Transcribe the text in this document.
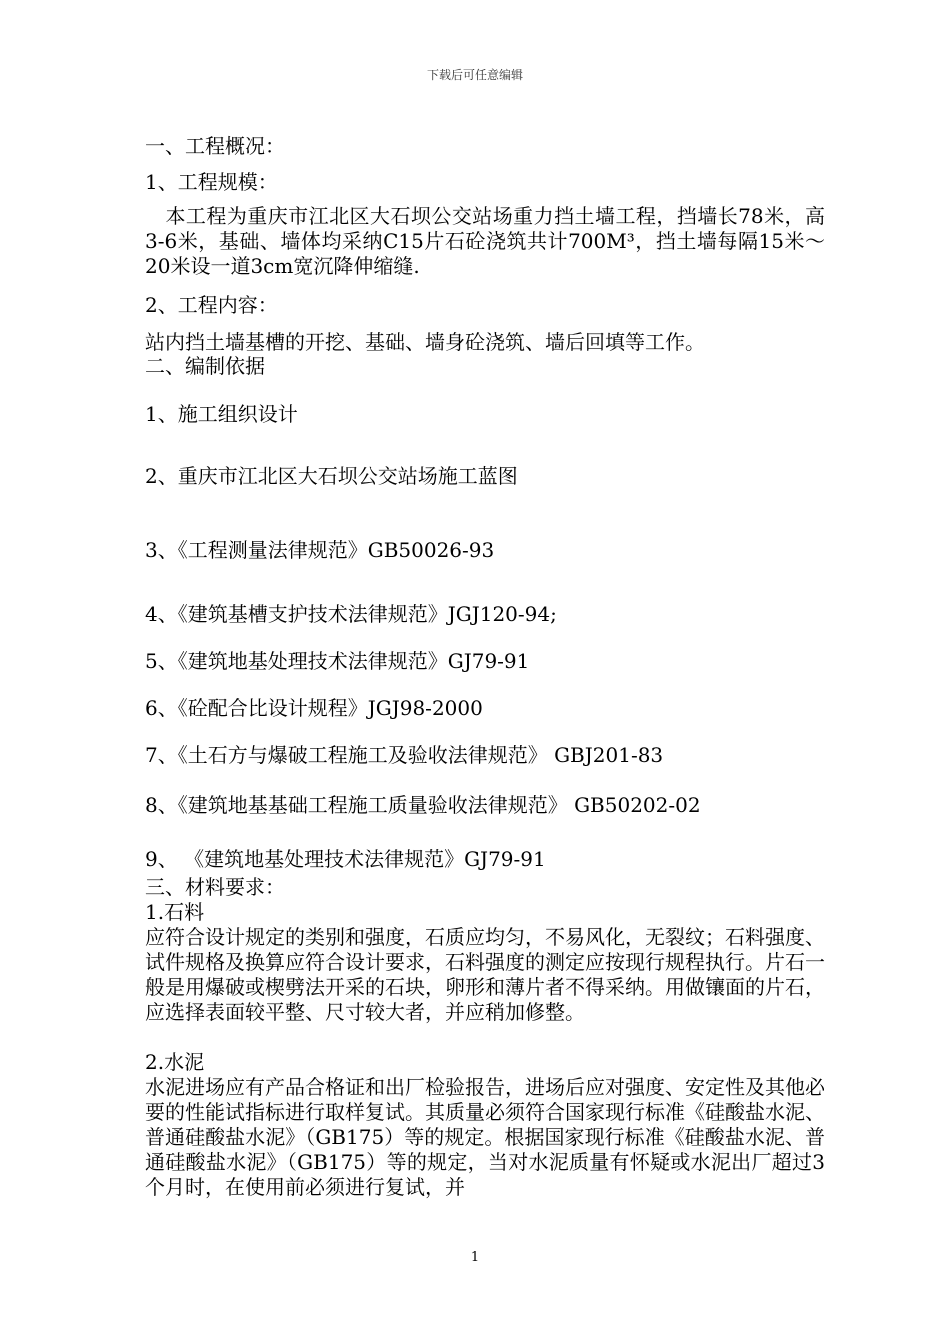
下载后可任意编辑
一、工程概况：
1、工程规模：
　本工程为重庆市江北区大石坝公交站场重力挡土墙工程，挡墙长78米，高3-6米，基础、墙体均采纳C15片石砼浇筑共计700M³，挡土墙每隔15米～20米设一道3cm宽沉降伸缩缝.
2、工程内容：
站内挡土墙基槽的开挖、基础、墙身砼浇筑、墙后回填等工作。
二、编制依据
1、施工组织设计
2、重庆市江北区大石坝公交站场施工蓝图
3、《工程测量法律规范》GB50026-93
4、《建筑基槽支护技术法律规范》JGJ120-94;
5、《建筑地基处理技术法律规范》GJ79-91
6、《砼配合比设计规程》JGJ98-2000
7、《土石方与爆破工程施工及验收法律规范》 GBJ201-83
8、《建筑地基基础工程施工质量验收法律规范》 GB50202-02
9、 《建筑地基处理技术法律规范》GJ79-91
三、材料要求：
1.石料
应符合设计规定的类别和强度，石质应均匀，不易风化，无裂纹；石料强度、试件规格及换算应符合设计要求，石料强度的测定应按现行规程执行。片石一般是用爆破或楔劈法开采的石块，卵形和薄片者不得采纳。用做镶面的片石，应选择表面较平整、尺寸较大者，并应稍加修整。
2.水泥
水泥进场应有产品合格证和出厂检验报告，进场后应对强度、安定性及其他必要的性能试指标进行取样复试。其质量必须符合国家现行标准《硅酸盐水泥、普通硅酸盐水泥》（GB175）等的规定。根据国家现行标准《硅酸盐水泥、普通硅酸盐水泥》（GB175）等的规定，当对水泥质量有怀疑或水泥出厂超过3个月时，在使用前必须进行复试，并
1
